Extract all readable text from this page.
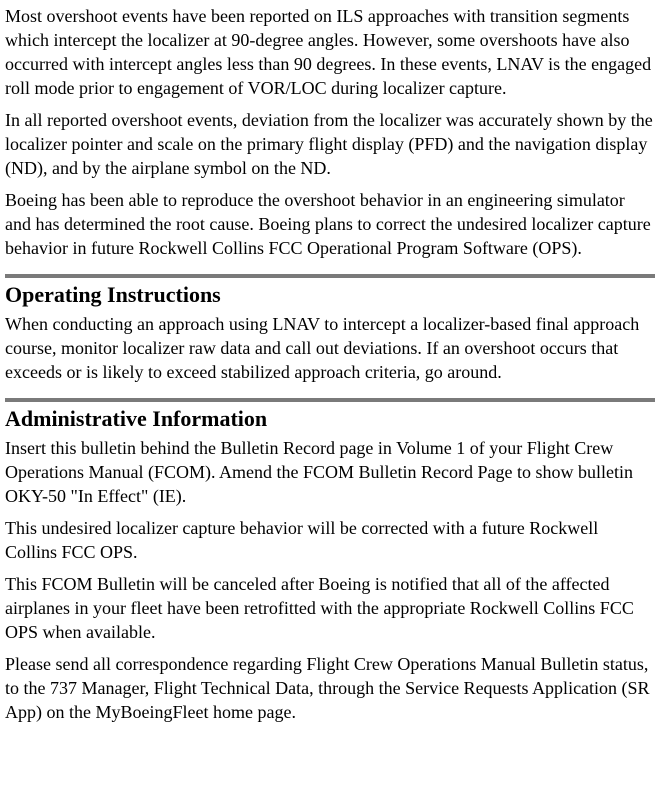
Most overshoot events have been reported on ILS approaches with transition segments which intercept the localizer at 90-degree angles. However, some overshoots have also occurred with intercept angles less than 90 degrees. In these events, LNAV is the engaged roll mode prior to engagement of VOR/LOC during localizer capture.

In all reported overshoot events, deviation from the localizer was accurately shown by the localizer pointer and scale on the primary flight display (PFD) and the navigation display (ND), and by the airplane symbol on the ND.

Boeing has been able to reproduce the overshoot behavior in an engineering simulator and has determined the root cause. Boeing plans to correct the undesired localizer capture behavior in future Rockwell Collins FCC Operational Program Software (OPS).

Operating Instructions

When conducting an approach using LNAV to intercept a localizer-based final approach course, monitor localizer raw data and call out deviations. If an overshoot occurs that exceeds or is likely to exceed stabilized approach criteria, go around.

Administrative Information

Insert this bulletin behind the Bulletin Record page in Volume 1 of your Flight Crew Operations Manual (FCOM). Amend the FCOM Bulletin Record Page to show bulletin OKY-50 "In Effect" (IE).

This undesired localizer capture behavior will be corrected with a future Rockwell Collins FCC OPS.

This FCOM Bulletin will be canceled after Boeing is notified that all of the affected airplanes in your fleet have been retrofitted with the appropriate Rockwell Collins FCC OPS when available.

Please send all correspondence regarding Flight Crew Operations Manual Bulletin status, to the 737 Manager, Flight Technical Data, through the Service Requests Application (SR App) on the MyBoeingFleet home page.
